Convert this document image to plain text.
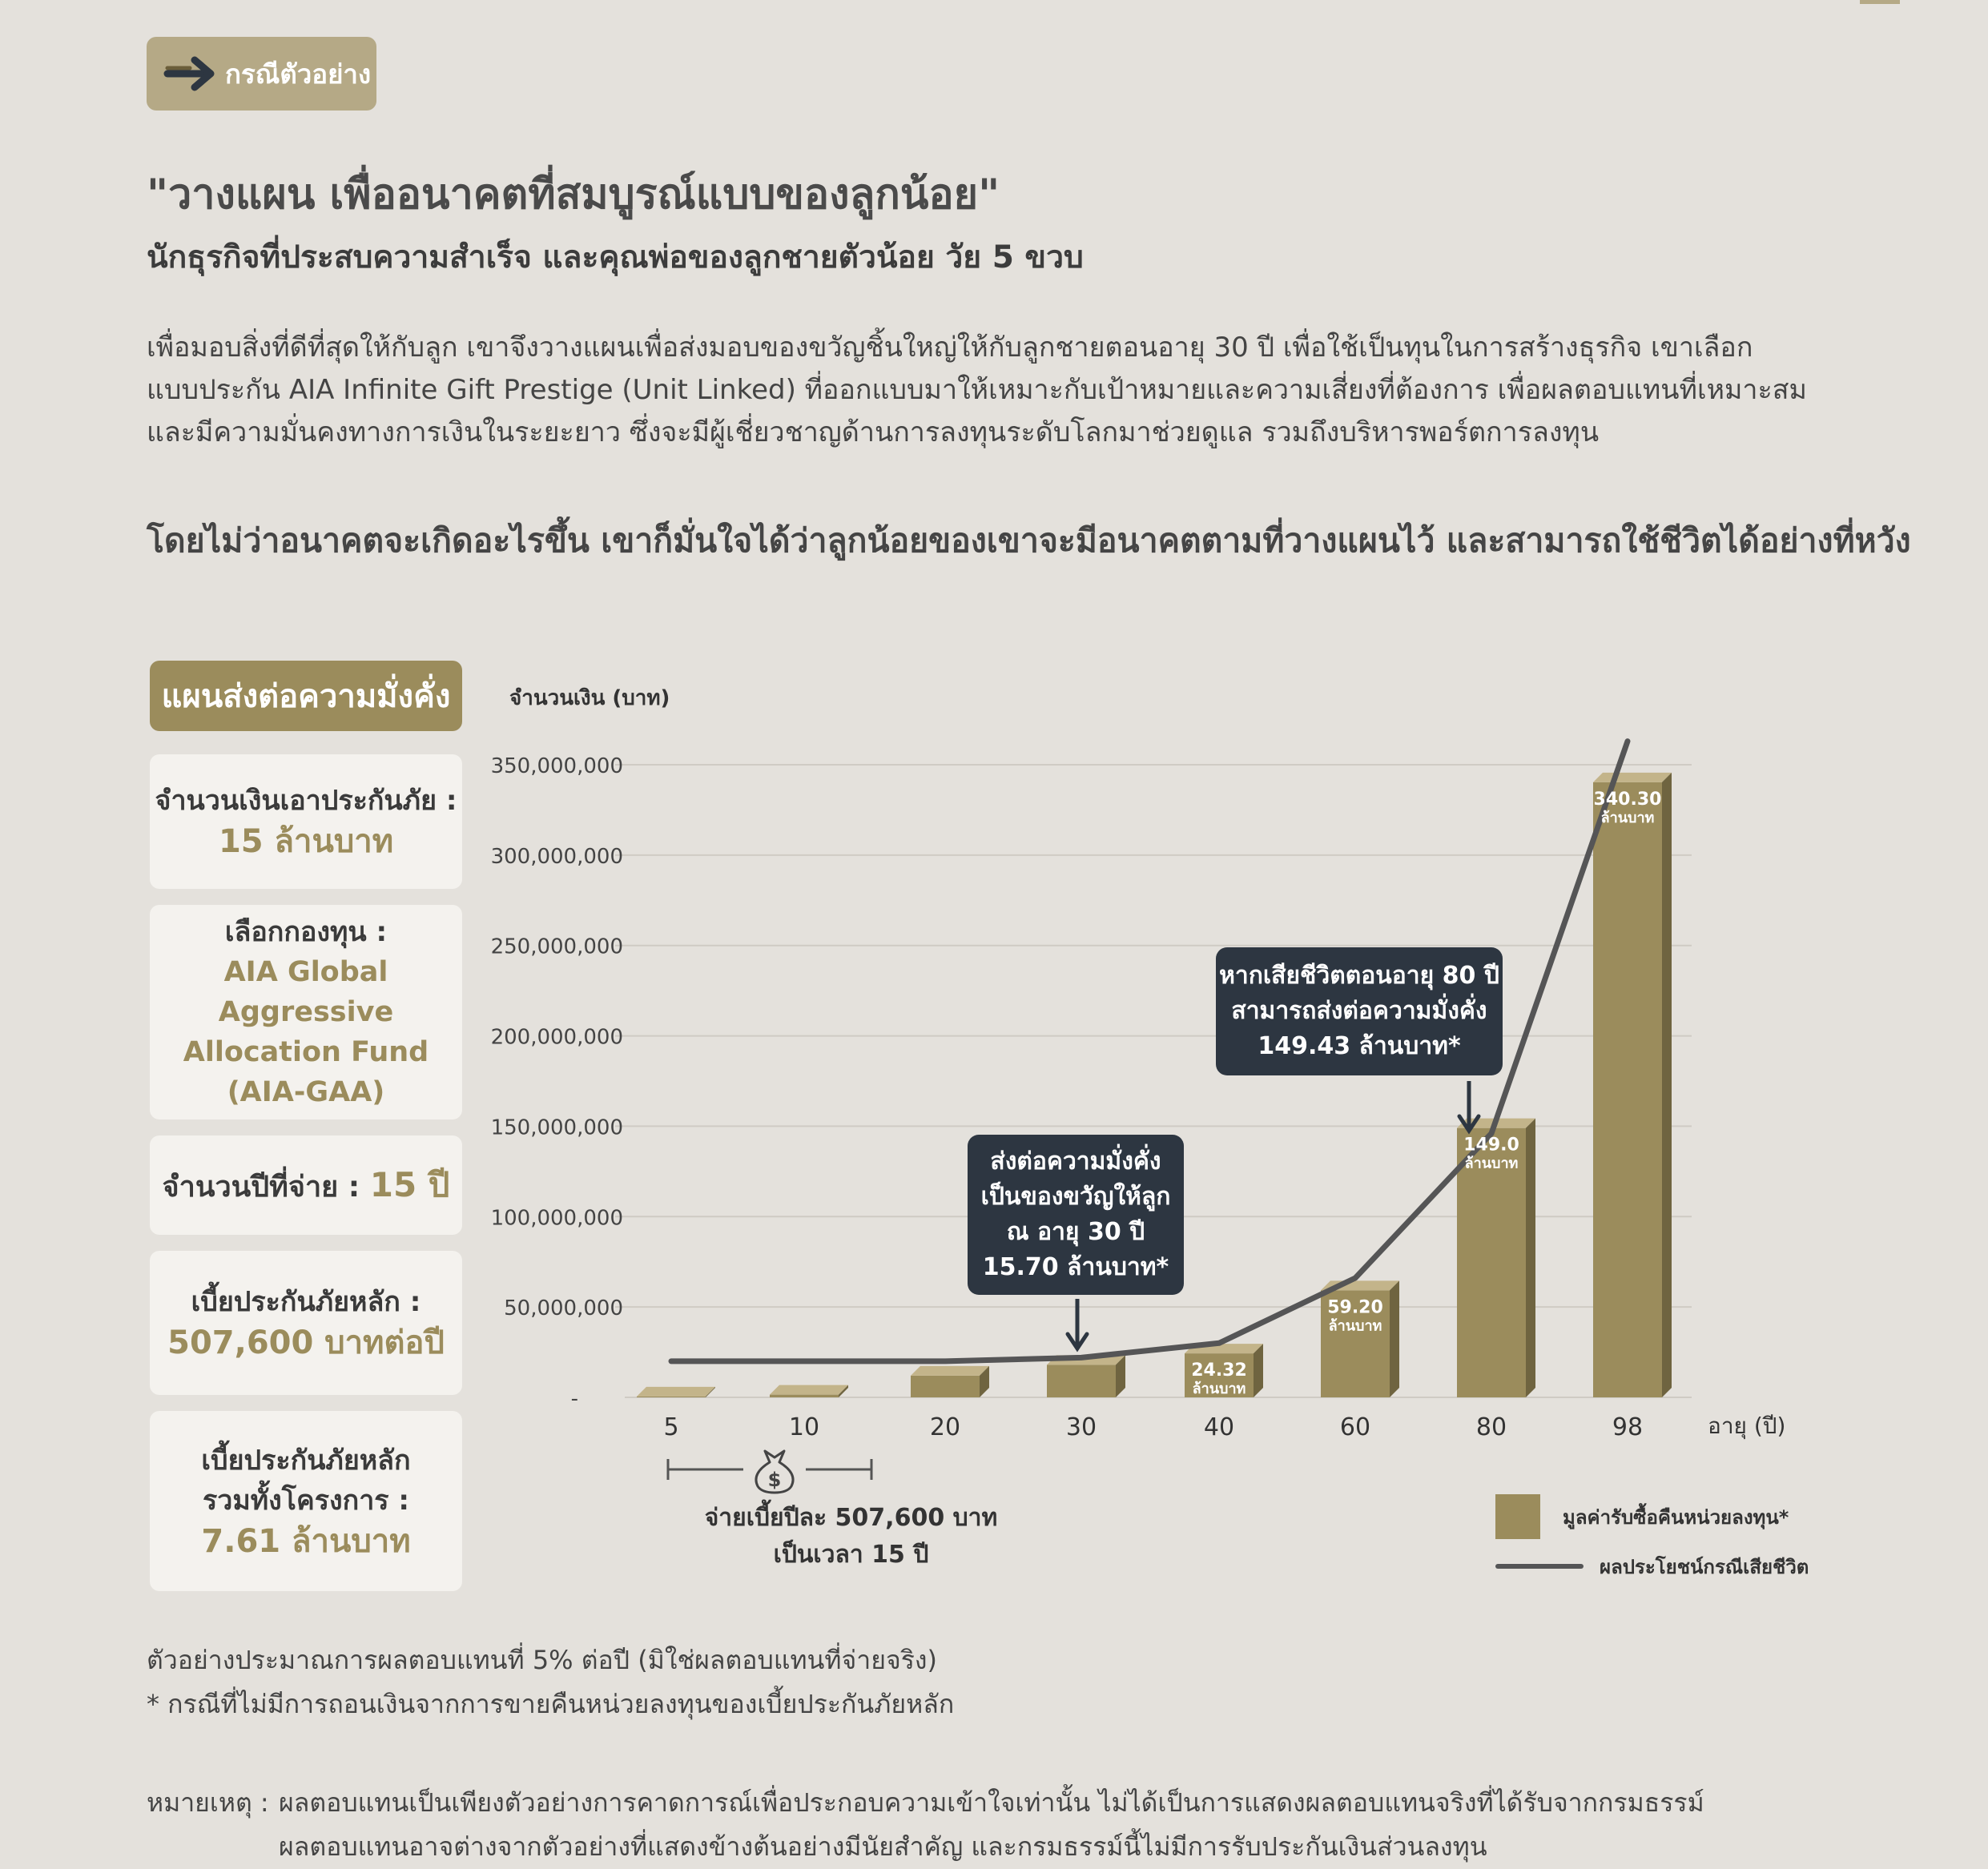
กรณีตัวอย่าง
"วางแผน เพื่ออนาคตที่สมบูรณ์แบบของลูกน้อย"
นักธุรกิจที่ประสบความสำเร็จ และคุณพ่อของลูกชายตัวน้อย วัย 5 ขวบ
เพื่อมอบสิ่งที่ดีที่สุดให้กับลูก เขาจึงวางแผนเพื่อส่งมอบของขวัญชิ้นใหญ่ให้กับลูกชายตอนอายุ 30 ปี เพื่อใช้เป็นทุนในการสร้างธุรกิจ เขาเลือก
แบบประกัน AIA Infinite Gift Prestige (Unit Linked) ที่ออกแบบมาให้เหมาะกับเป้าหมายและความเสี่ยงที่ต้องการ เพื่อผลตอบแทนที่เหมาะสม
และมีความมั่นคงทางการเงินในระยะยาว ซึ่งจะมีผู้เชี่ยวชาญด้านการลงทุนระดับโลกมาช่วยดูแล รวมถึงบริหารพอร์ตการลงทุน
โดยไม่ว่าอนาคตจะเกิดอะไรขึ้น เขาก็มั่นใจได้ว่าลูกน้อยของเขาจะมีอนาคตตามที่วางแผนไว้ และสามารถใช้ชีวิตได้อย่างที่หวัง
แผนส่งต่อความมั่งคั่ง
จำนวนเงินเอาประกันภัย :
15 ล้านบาท
เลือกกองทุน :
AIA Global Aggressive
Allocation Fund
(AIA-GAA)
จำนวนปีที่จ่าย : 15 ปี
เบี้ยประกันภัยหลัก :
507,600 บาทต่อปี
เบี้ยประกันภัยหลัก
รวมทั้งโครงการ :
7.61 ล้านบาท
-
50,000,000
100,000,000
150,000,000
200,000,000
250,000,000
300,000,000
350,000,000
จำนวนเงิน (บาท)
5	10	20	30
24.32
ล้านบาท
40
59.20
ล้านบาท
60
149.0
ล้านบาท
80
340.30
ล้านบาท
98	อายุ (ปี)
$
ส่งต่อความมั่งคั่ง
เป็นของขวัญให้ลูก
ณ อายุ 30 ปี
15.70 ล้านบาท*
หากเสียชีวิตตอนอายุ 80 ปี
สามารถส่งต่อความมั่งคั่ง
149.43 ล้านบาท*
จ่ายเบี้ยปีละ 507,600 บาท
เป็นเวลา 15 ปี
มูลค่ารับซื้อคืนหน่วยลงทุน*
ผลประโยชน์กรณีเสียชีวิต
ตัวอย่างประมาณการผลตอบแทนที่ 5% ต่อปี (มิใช่ผลตอบแทนที่จ่ายจริง)
* กรณีที่ไม่มีการถอนเงินจากการขายคืนหน่วยลงทุนของเบี้ยประกันภัยหลัก
หมายเหตุ : ผลตอบแทนเป็นเพียงตัวอย่างการคาดการณ์เพื่อประกอบความเข้าใจเท่านั้น ไม่ได้เป็นการแสดงผลตอบแทนจริงที่ได้รับจากกรมธรรม์
ผลตอบแทนอาจต่างจากตัวอย่างที่แสดงข้างต้นอย่างมีนัยสำคัญ และกรมธรรม์นี้ไม่มีการรับประกันเงินส่วนลงทุน
